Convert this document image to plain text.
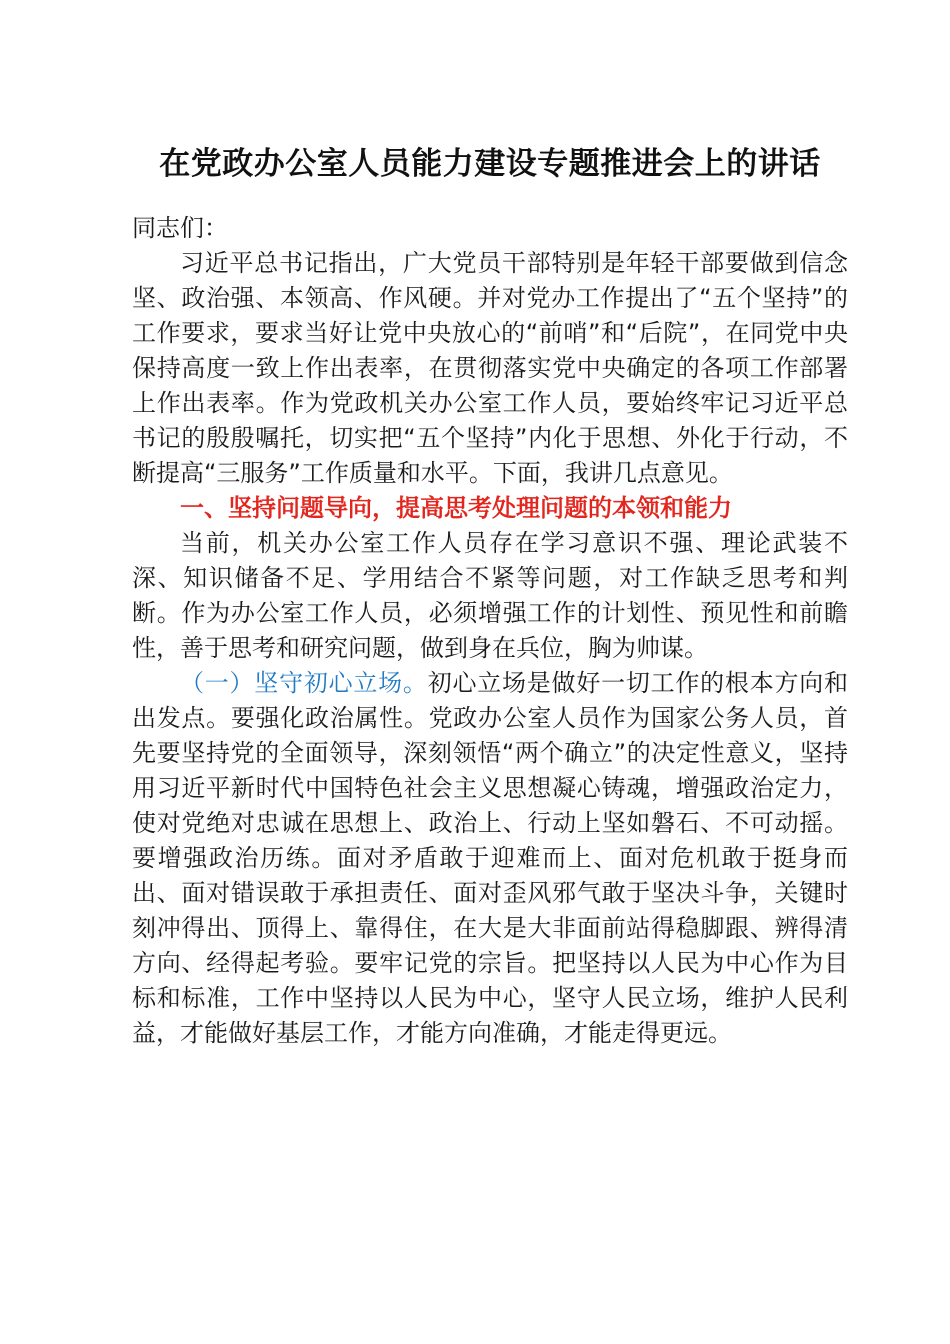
在党政办公室人员能力建设专题推进会上的讲话

同志们：

习近平总书记指出，广大党员干部特别是年轻干部要做到信念坚、政治强、本领高、作风硬。并对党办工作提出了“五个坚持”的工作要求，要求当好让党中央放心的“前哨”和“后院”，在同党中央保持高度一致上作出表率，在贯彻落实党中央确定的各项工作部署上作出表率。作为党政机关办公室工作人员，要始终牢记习近平总书记的殷殷嘱托，切实把“五个坚持”内化于思想、外化于行动，不断提高“三服务”工作质量和水平。下面，我讲几点意见。

一、坚持问题导向，提高思考处理问题的本领和能力

当前，机关办公室工作人员存在学习意识不强、理论武装不深、知识储备不足、学用结合不紧等问题，对工作缺乏思考和判断。作为办公室工作人员，必须增强工作的计划性、预见性和前瞻性，善于思考和研究问题，做到身在兵位，胸为帅谋。

（一）坚守初心立场。初心立场是做好一切工作的根本方向和出发点。要强化政治属性。党政办公室人员作为国家公务人员，首先要坚持党的全面领导，深刻领悟“两个确立”的决定性意义，坚持用习近平新时代中国特色社会主义思想凝心铸魂，增强政治定力，使对党绝对忠诚在思想上、政治上、行动上坚如磐石、不可动摇。要增强政治历练。面对矛盾敢于迎难而上、面对危机敢于挺身而出、面对错误敢于承担责任、面对歪风邪气敢于坚决斗争，关键时刻冲得出、顶得上、靠得住，在大是大非面前站得稳脚跟、辨得清方向、经得起考验。要牢记党的宗旨。把坚持以人民为中心作为目标和标准，工作中坚持以人民为中心，坚守人民立场，维护人民利益，才能做好基层工作，才能方向准确，才能走得更远。
